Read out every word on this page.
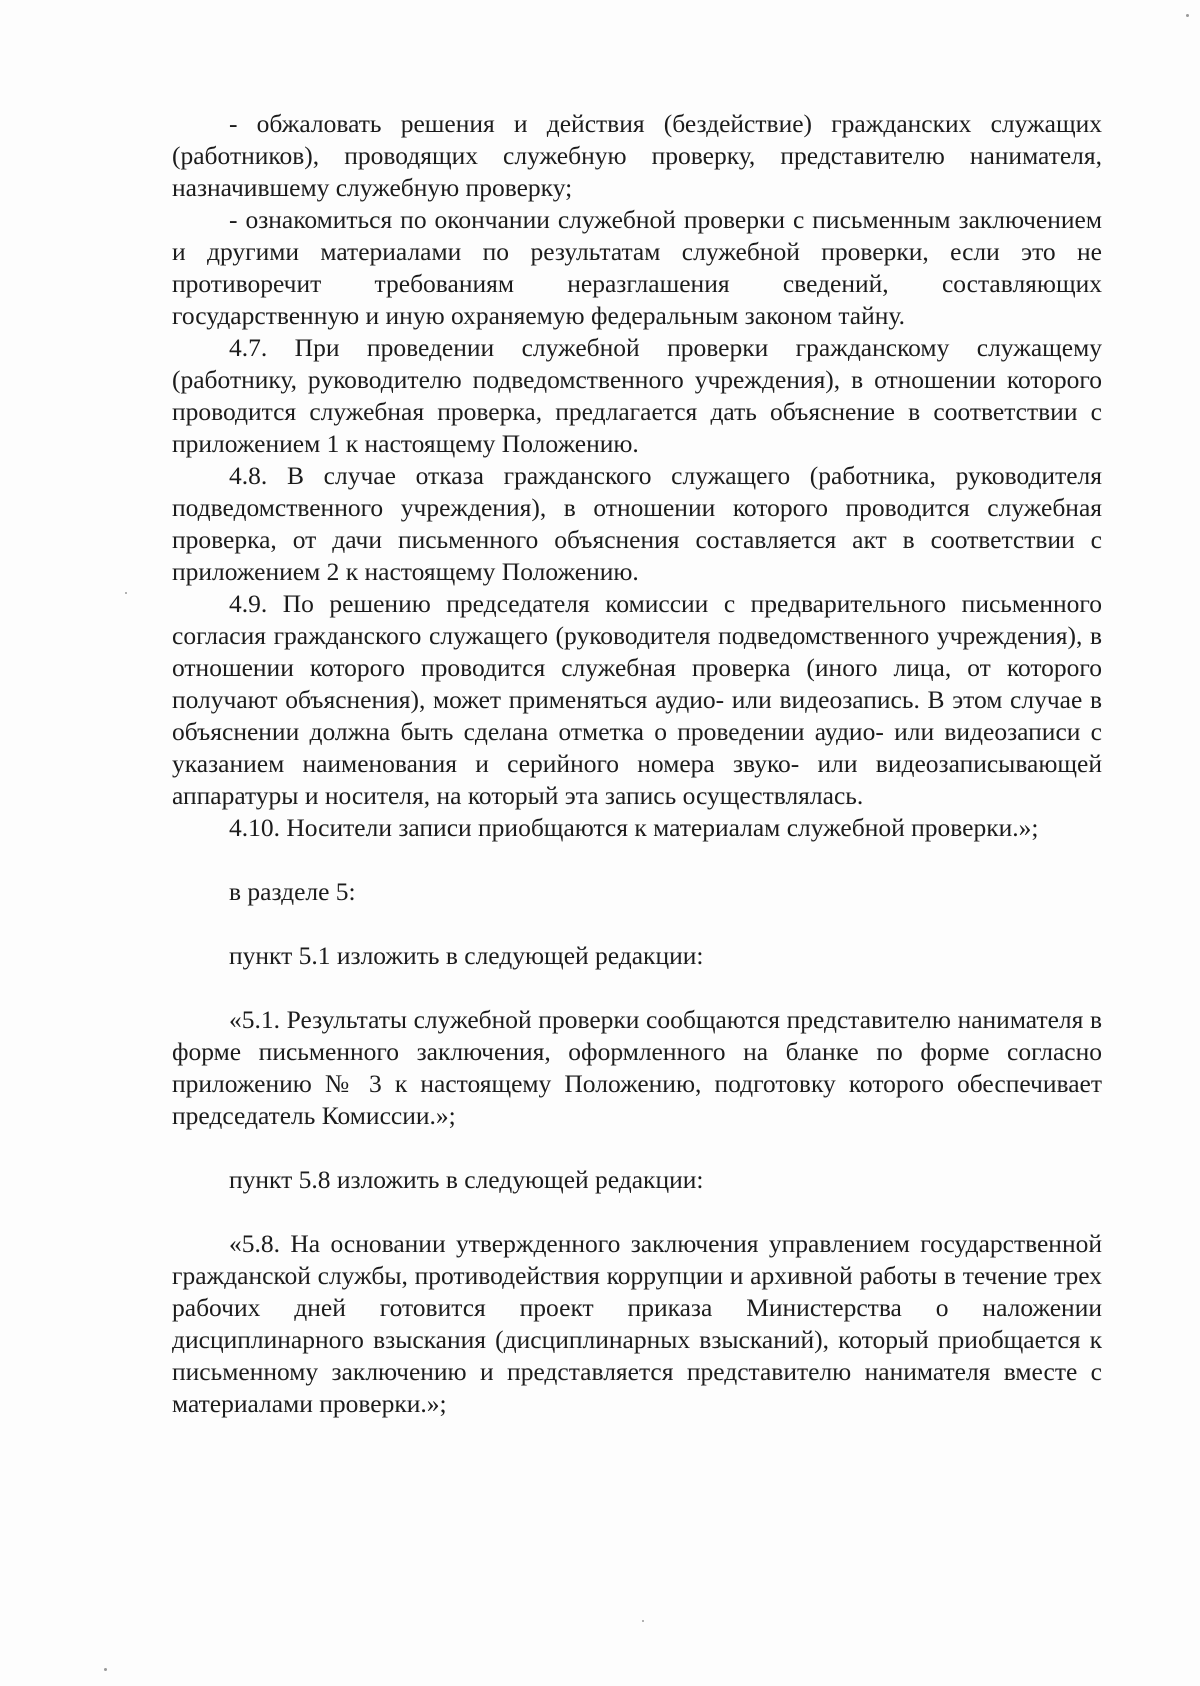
- обжаловать решения и действия (бездействие) гражданских служащих (работников), проводящих служебную проверку, представителю нанимателя, назначившему служебную проверку;

- ознакомиться по окончании служебной проверки с письменным заключением и другими материалами по результатам служебной проверки, если это не противоречит требованиям неразглашения сведений, составляющих государственную и иную охраняемую федеральным законом тайну.

4.7. При проведении служебной проверки гражданскому служащему (работнику, руководителю подведомственного учреждения), в отношении которого проводится служебная проверка, предлагается дать объяснение в соответствии с приложением 1 к настоящему Положению.

4.8. В случае отказа гражданского служащего (работника, руководителя подведомственного учреждения), в отношении которого проводится служебная проверка, от дачи письменного объяснения составляется акт в соответствии с приложением 2 к настоящему Положению.

4.9. По решению председателя комиссии с предварительного письменного согласия гражданского служащего (руководителя подведомственного учреждения), в отношении которого проводится служебная проверка (иного лица, от которого получают объяснения), может применяться аудио- или видеозапись. В этом случае в объяснении должна быть сделана отметка о проведении аудио- или видеозаписи с указанием наименования и серийного номера звуко- или видеозаписывающей аппаратуры и носителя, на который эта запись осуществлялась.

4.10. Носители записи приобщаются к материалам служебной проверки.»;

в разделе 5:

пункт 5.1 изложить в следующей редакции:

«5.1. Результаты служебной проверки сообщаются представителю нанимателя в форме письменного заключения, оформленного на бланке по форме согласно приложению № 3 к настоящему Положению, подготовку которого обеспечивает председатель Комиссии.»;

пункт 5.8 изложить в следующей редакции:

«5.8. На основании утвержденного заключения управлением государственной гражданской службы, противодействия коррупции и архивной работы в течение трех рабочих дней готовится проект приказа Министерства о наложении дисциплинарного взыскания (дисциплинарных взысканий), который приобщается к письменному заключению и представляется представителю нанимателя вместе с материалами проверки.»;
